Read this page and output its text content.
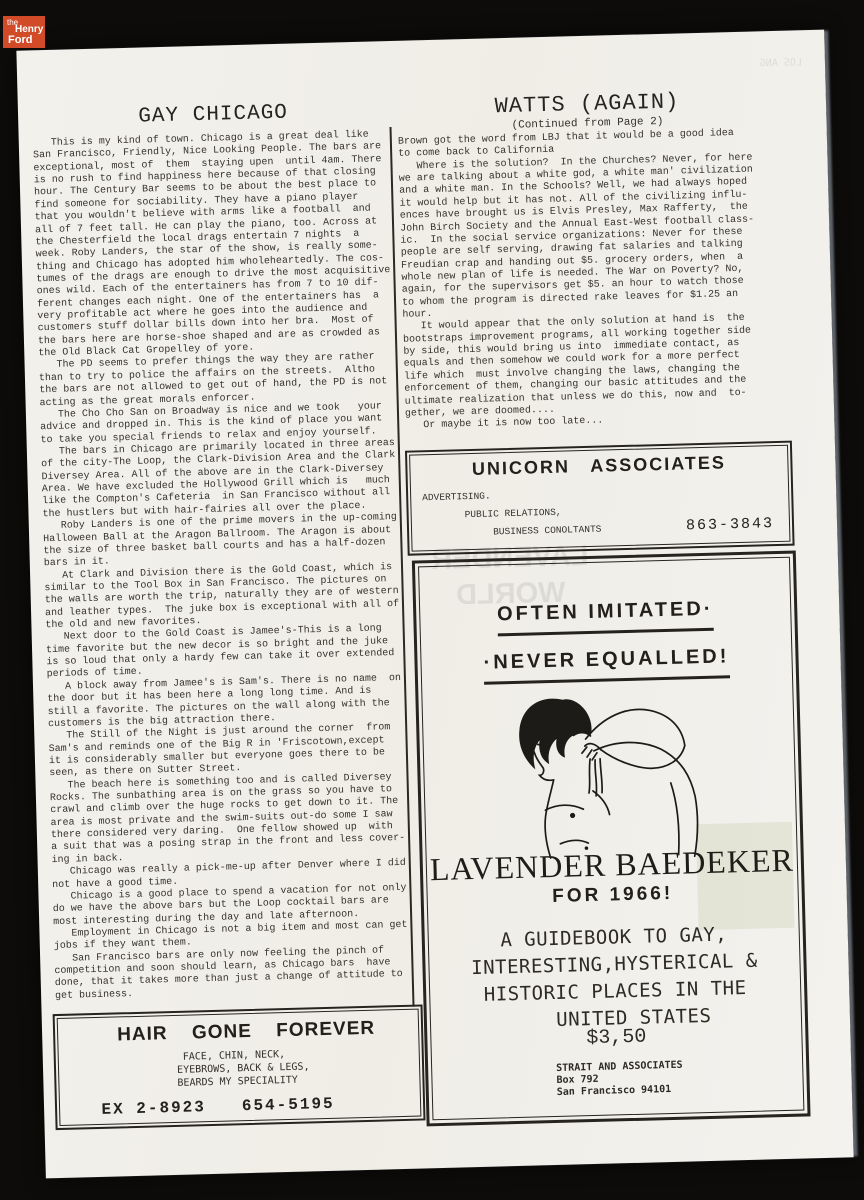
the
Henry
Ford
LOS ANG
LAVENDER
WORLD
GAY CHICAGO
This is my kind of town. Chicago is a great deal like
San Francisco, Friendly, Nice Looking People. The bars are
exceptional, most of  them  staying upen  until 4am. There
is no rush to find happiness here because of that closing
hour. The Century Bar seems to be about the best place to
find someone for sociability. They have a piano player
that you wouldn't believe with arms like a football  and
all of 7 feet tall. He can play the piano, too. Across at
the Chesterfield the local drags entertain 7 nights  a
week. Roby Landers, the star of the show, is really some-
thing and Chicago has adopted him wholeheartedly. The cos-
tumes of the drags are enough to drive the most acquisitive
ones wild. Each of the entertainers has from 7 to 10 dif-
ferent changes each night. One of the entertainers has  a
very profitable act where he goes into the audience and
customers stuff dollar bills down into her bra.  Most of
the bars here are horse-shoe shaped and are as crowded as
the Old Black Cat Gropelley of yore.
The PD seems to prefer things the way they are rather
than to try to police the affairs on the streets.  Altho
the bars are not allowed to get out of hand, the PD is not
acting as the great morals enforcer.
The Cho Cho San on Broadway is nice and we took   your
advice and dropped in. This is the kind of place you want
to take you special friends to relax and enjoy yourself.
The bars in Chicago are primarily located in three areas
of the city-The Loop, the Clark-Division Area and the Clark
Diversey Area. All of the above are in the Clark-Diversey
Area. We have excluded the Hollywood Grill which is   much
like the Compton's Cafeteria  in San Francisco without all
the hustlers but with hair-fairies all over the place.
Roby Landers is one of the prime movers in the up-coming
Halloween Ball at the Aragon Ballroom. The Aragon is about
the size of three basket ball courts and has a half-dozen
bars in it.
At Clark and Division there is the Gold Coast, which is
similar to the Tool Box in San Francisco. The pictures on
the walls are worth the trip, naturally they are of western
and leather types.  The juke box is exceptional with all of
the old and new favorites.
Next door to the Gold Coast is Jamee's-This is a long
time favorite but the new decor is so bright and the juke
is so loud that only a hardy few can take it over extended
periods of time.
A block away from Jamee's is Sam's. There is no name  on
the door but it has been here a long long time. And is
still a favorite. The pictures on the wall along with the
customers is the big attraction there.
The Still of the Night is just around the corner  from
Sam's and reminds one of the Big R in 'Friscotown,except
it is considerably smaller but everyone goes there to be
seen, as there on Sutter Street.
The beach here is something too and is called Diversey
Rocks. The sunbathing area is on the grass so you have to
crawl and climb over the huge rocks to get down to it. The
area is most private and the swim-suits out-do some I saw
there considered very daring.  One fellow showed up  with
a suit that was a posing strap in the front and less cover-
ing in back.
Chicago was really a pick-me-up after Denver where I did
not have a good time.
Chicago is a good place to spend a vacation for not only
do we have the above bars but the Loop cocktail bars are
most interesting during the day and late afternoon.
Employment in Chicago is not a big item and most can get
jobs if they want them.
San Francisco bars are only now feeling the pinch of
competition and soon should learn, as Chicago bars  have
done, that it takes more than just a change of attitude to
get business.
WATTS (AGAIN)
(Continued from Page 2)
Brown got the word from LBJ that it would be a good idea
to come back to California
Where is the solution?  In the Churches? Never, for here
we are talking about a white god, a white man' civilization
and a white man. In the Schools? Well, we had always hoped
it would help but it has not. All of the civilizing influ-
ences have brought us is Elvis Presley, Max Rafferty,  the
John Birch Society and the Annual East-West football class-
ic.  In the social service organizations: Never for these
people are self serving, drawing fat salaries and talking
Freudian crap and handing out $5. grocery orders, when  a
whole new plan of life is needed. The War on Poverty? No,
again, for the supervisors get $5. an hour to watch those
to whom the program is directed rake leaves for $1.25 an
hour.
It would appear that the only solution at hand is  the
bootstraps improvement programs, all working together side
by side, this would bring us into  immediate contact, as
equals and then somehow we could work for a more perfect
life which  must involve changing the laws, changing the
enforcement of them, changing our basic attitudes and the
ultimate realization that unless we do this, now and  to-
gether, we are doomed....
Or maybe it is now too late...
HAIR GONE FOREVER
FACE, CHIN, NECK,
EYEBROWS, BACK & LEGS,
BEARDS MY SPECIALITY
EX 2-8923 654-5195
UNICORN ASSOCIATES
ADVERTISING.
PUBLIC RELATIONS,
BUSINESS CONOLTANTS	863-3843
OFTEN IMITATED·
·NEVER EQUALLED!
LAVENDER BAEDEKER
FOR 1966!
A GUIDEBOOK TO GAY,
INTERESTING,HYSTERICAL &
HISTORIC PLACES IN THE
UNITED STATES
$3,50
STRAIT AND ASSOCIATES
Box 792
San Francisco 94101
